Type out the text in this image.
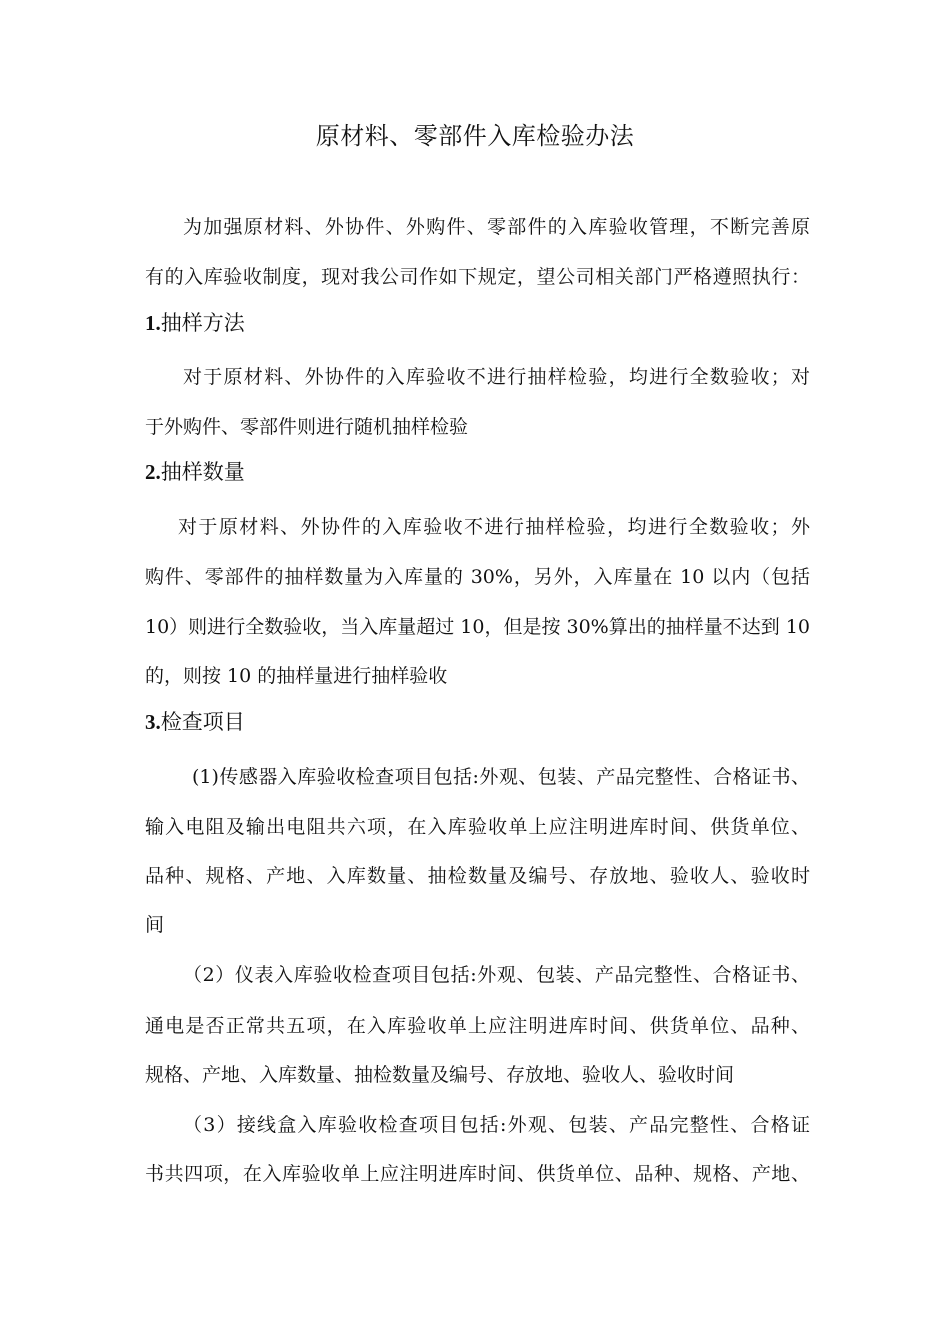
原材料、零部件入库检验办法
为加强原材料、外协件、外购件、零部件的入库验收管理，不断完善原
有的入库验收制度，现对我公司作如下规定，望公司相关部门严格遵照执行：
1.抽样方法
对于原材料、外协件的入库验收不进行抽样检验，均进行全数验收；对
于外购件、零部件则进行随机抽样检验
2.抽样数量
对于原材料、外协件的入库验收不进行抽样检验，均进行全数验收；外
购件、零部件的抽样数量为入库量的 30%，另外，入库量在 10 以内（包括
10）则进行全数验收，当入库量超过 10，但是按 30%算出的抽样量不达到 10
的，则按 10 的抽样量进行抽样验收
3.检查项目
(1)传感器入库验收检查项目包括:外观、包装、产品完整性、合格证书、
输入电阻及输出电阻共六项，在入库验收单上应注明进库时间、供货单位、
品种、规格、产地、入库数量、抽检数量及编号、存放地、验收人、验收时
间
（2）仪表入库验收检查项目包括:外观、包装、产品完整性、合格证书、
通电是否正常共五项，在入库验收单上应注明进库时间、供货单位、品种、
规格、产地、入库数量、抽检数量及编号、存放地、验收人、验收时间
（3）接线盒入库验收检查项目包括:外观、包装、产品完整性、合格证
书共四项，在入库验收单上应注明进库时间、供货单位、品种、规格、产地、
